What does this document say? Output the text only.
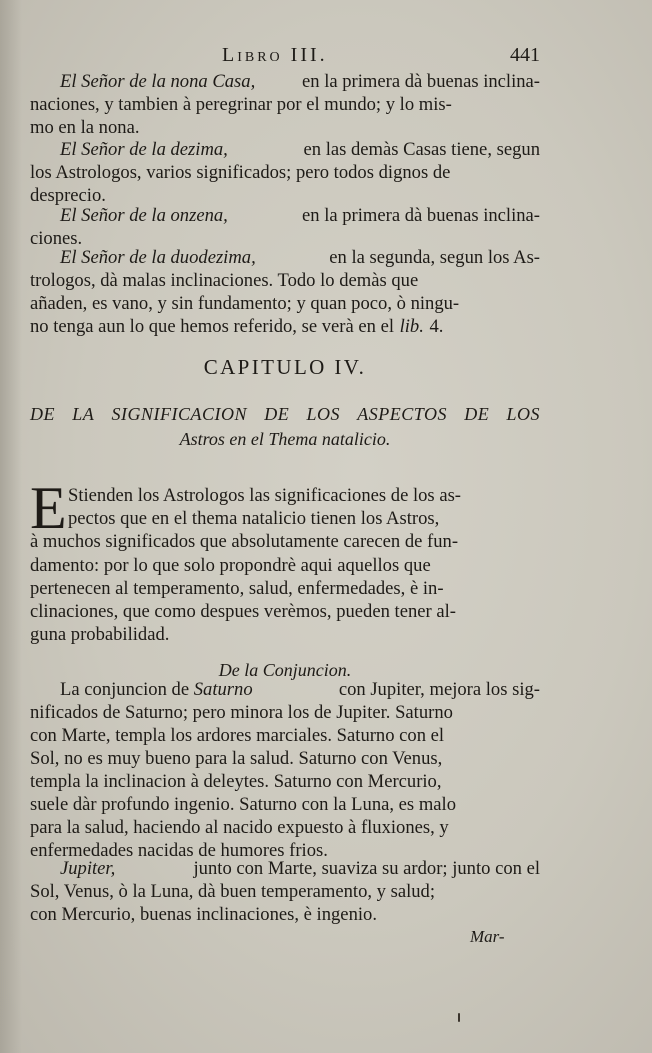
Libro III.	441
El Señor de la nona Casa,	en la primera dà buenas inclina-
naciones, y tambien à peregrinar por el mundo; y lo mis-
mo en la nona.
El Señor de la dezima,	en las demàs Casas tiene, segun
los Astrologos, varios significados; pero todos dignos de
desprecio.
El Señor de la onzena,	en la primera dà buenas inclina-
ciones.
El Señor de la duodezima,	en la segunda, segun los As-
trologos, dà malas inclinaciones. Todo lo demàs que
añaden, es vano, y sin fundamento; y quan poco, ò ningu-
no tenga aun lo que hemos referido, se verà en el lib. 4.
CAPITULO IV.
DE LA SIGNIFICACION DE LOS ASPECTOS DE LOS
Astros en el Thema natalicio.
E Stienden los Astrologos las significaciones de los as-
pectos que en el thema natalicio tienen los Astros,
à muchos significados que absolutamente carecen de fun-
damento: por lo que solo propondrè aqui aquellos que
pertenecen al temperamento, salud, enfermedades, è in-
clinaciones, que como despues verèmos, pueden tener al-
guna probabilidad.
De la Conjuncion.
La conjuncion de Saturno	con Jupiter, mejora los sig-
nificados de Saturno; pero minora los de Jupiter. Saturno
con Marte, templa los ardores marciales. Saturno con el
Sol, no es muy bueno para la salud. Saturno con Venus,
templa la inclinacion à deleytes. Saturno con Mercurio,
suele dàr profundo ingenio. Saturno con la Luna, es malo
para la salud, haciendo al nacido expuesto à fluxiones, y
enfermedades nacidas de humores frios.
Jupiter,	junto con Marte, suaviza su ardor; junto con el
Sol, Venus, ò la Luna, dà buen temperamento, y salud;
con Mercurio, buenas inclinaciones, è ingenio.
Mar-
